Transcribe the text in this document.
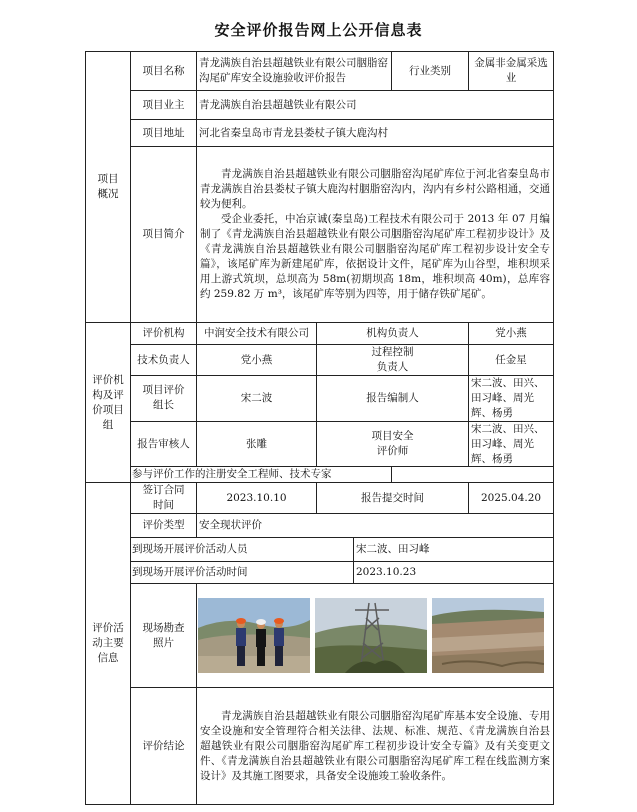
安全评价报告网上公开信息表
项目
概况	项目名称	青龙满族自治县超越铁业有限公司胭脂窑沟尾矿库安全设施验收评价报告			行业类别	金属非金属采选业
	项目业主	青龙满族自治县超越铁业有限公司				
	项目地址	河北省秦皇岛市青龙县娄杖子镇大鹿沟村				
	项目简介	青龙满族自治县超越铁业有限公司胭脂窑沟尾矿库位于河北省秦皇岛市青龙满族自治县娄杖子镇大鹿沟村胭脂窑沟内，沟内有乡村公路相通，交通较为便利。

受企业委托，中冶京诚(秦皇岛)工程技术有限公司于 2013 年 07 月编制了《青龙满族自治县超越铁业有限公司胭脂窑沟尾矿库工程初步设计》及《青龙满族自治县超越铁业有限公司胭脂窑沟尾矿库工程初步设计安全专篇》，该尾矿库为新建尾矿库，依据设计文件，尾矿库为山谷型，堆积坝采用上游式筑坝，总坝高为 58m(初期坝高 18m，堆积坝高 40m)，总库容约 259.82 万 m³，该尾矿库等别为四等，用于储存铁矿尾矿。				

评价机
构及评
价项目
组	评价机构	中润安全技术有限公司	机构负责人			党小燕
	技术负责人	党小燕	过程控制
负责人			任金星
	项目评价
组长	宋二波	报告编制人			宋二波、田兴、田习峰、周光辉、杨勇
	报告审核人	张雕	项目安全
评价师			宋二波、田兴、田习峰、周光辉、杨勇
	参与评价工作的注册安全工程师、技术专家					
评价活
动主要
信息	签订合同
时间	2023.10.10	报告提交时间			2025.04.20
	评价类型	安全现状评价				
	到现场开展评价活动人员			宋二波、田习峰		
	到现场开展评价活动时间			2023.10.23		
	现场勘查
照片	

	评价结论	青龙满族自治县超越铁业有限公司胭脂窑沟尾矿库基本安全设施、专用安全设施和安全管理符合相关法律、法规、标准、规范、《青龙满族自治县超越铁业有限公司胭脂窑沟尾矿库工程初步设计安全专篇》及有关变更文件、《青龙满族自治县超越铁业有限公司胭脂窑沟尾矿库工程在线监测方案设计》及其施工图要求，具备安全设施竣工验收条件。				
